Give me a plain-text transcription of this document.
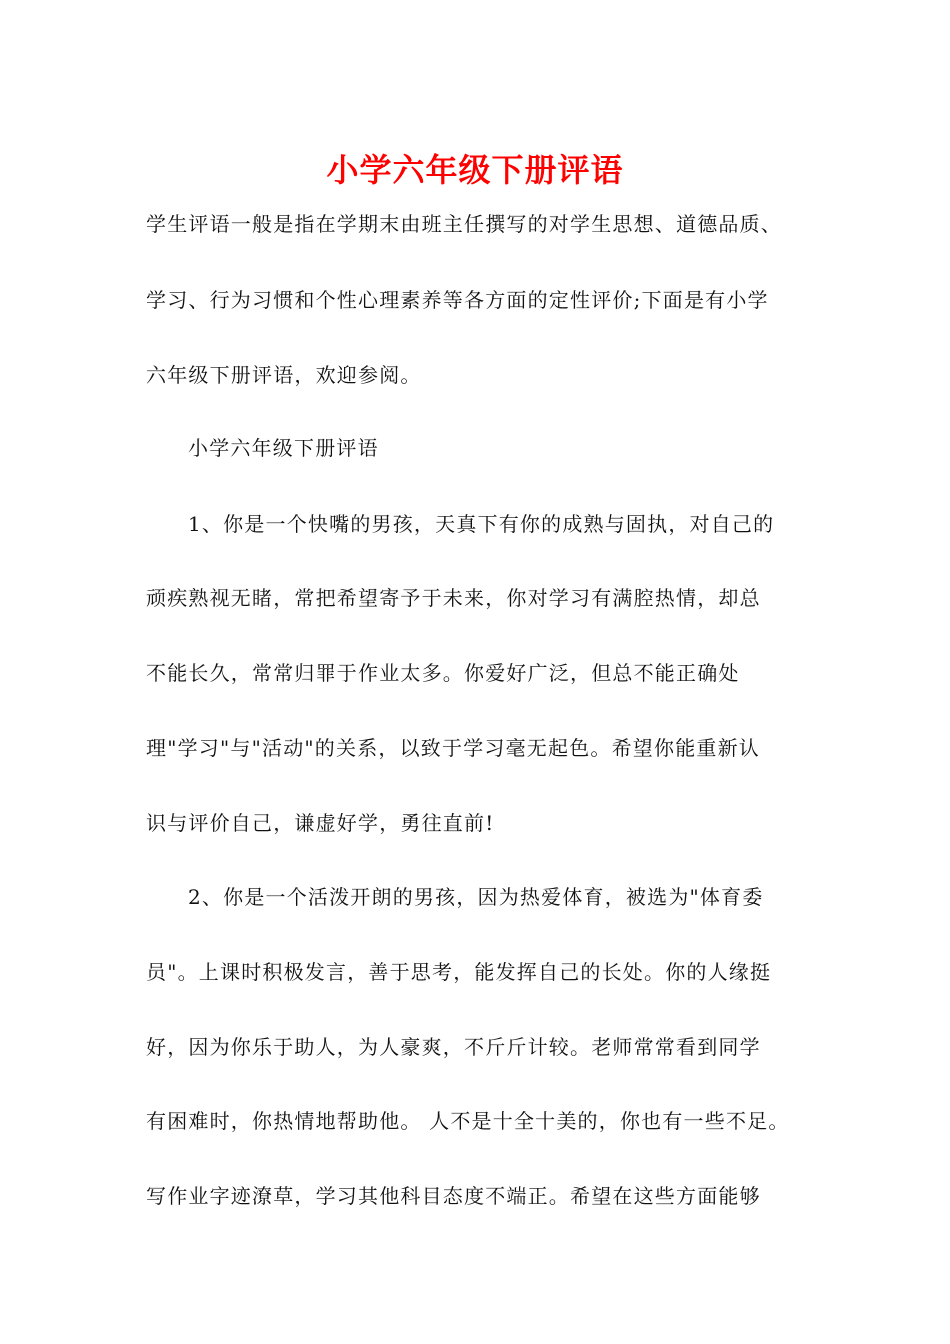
小学六年级下册评语
学生评语一般是指在学期末由班主任撰写的对学生思想、道德品质、
学习、行为习惯和个性心理素养等各方面的定性评价;下面是有小学
六年级下册评语，欢迎参阅。
小学六年级下册评语
1、你是一个快嘴的男孩，天真下有你的成熟与固执，对自己的
顽疾熟视无睹，常把希望寄予于未来，你对学习有满腔热情，却总
不能长久，常常归罪于作业太多。你爱好广泛，但总不能正确处
理"学习"与"活动"的关系，以致于学习毫无起色。希望你能重新认
识与评价自己，谦虚好学，勇往直前!
2、你是一个活泼开朗的男孩，因为热爱体育，被选为"体育委
员"。上课时积极发言，善于思考，能发挥自己的长处。你的人缘挺
好，因为你乐于助人，为人豪爽，不斤斤计较。老师常常看到同学
有困难时，你热情地帮助他。 人不是十全十美的，你也有一些不足。
写作业字迹潦草，学习其他科目态度不端正。希望在这些方面能够
